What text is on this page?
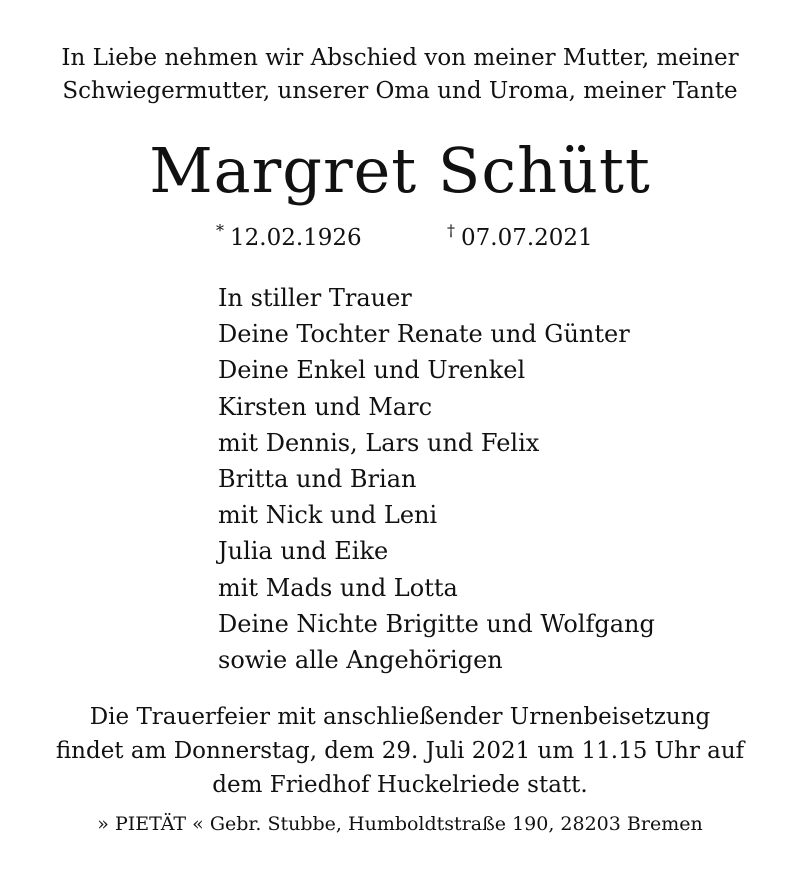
In Liebe nehmen wir Abschied von meiner Mutter, meiner
Schwiegermutter, unserer Oma und Uroma, meiner Tante
Margret Schütt
* 12.02.1926	† 07.07.2021
In stiller Trauer
Deine Tochter Renate und Günter
Deine Enkel und Urenkel
Kirsten und Marc
mit Dennis, Lars und Felix
Britta und Brian
mit Nick und Leni
Julia und Eike
mit Mads und Lotta
Deine Nichte Brigitte und Wolfgang
sowie alle Angehörigen
Die Trauerfeier mit anschließender Urnenbeisetzung
findet am Donnerstag, dem 29. Juli 2021 um 11.15 Uhr auf
dem Friedhof Huckelriede statt.
» PIETÄT « Gebr. Stubbe, Humboldtstraße 190, 28203 Bremen
